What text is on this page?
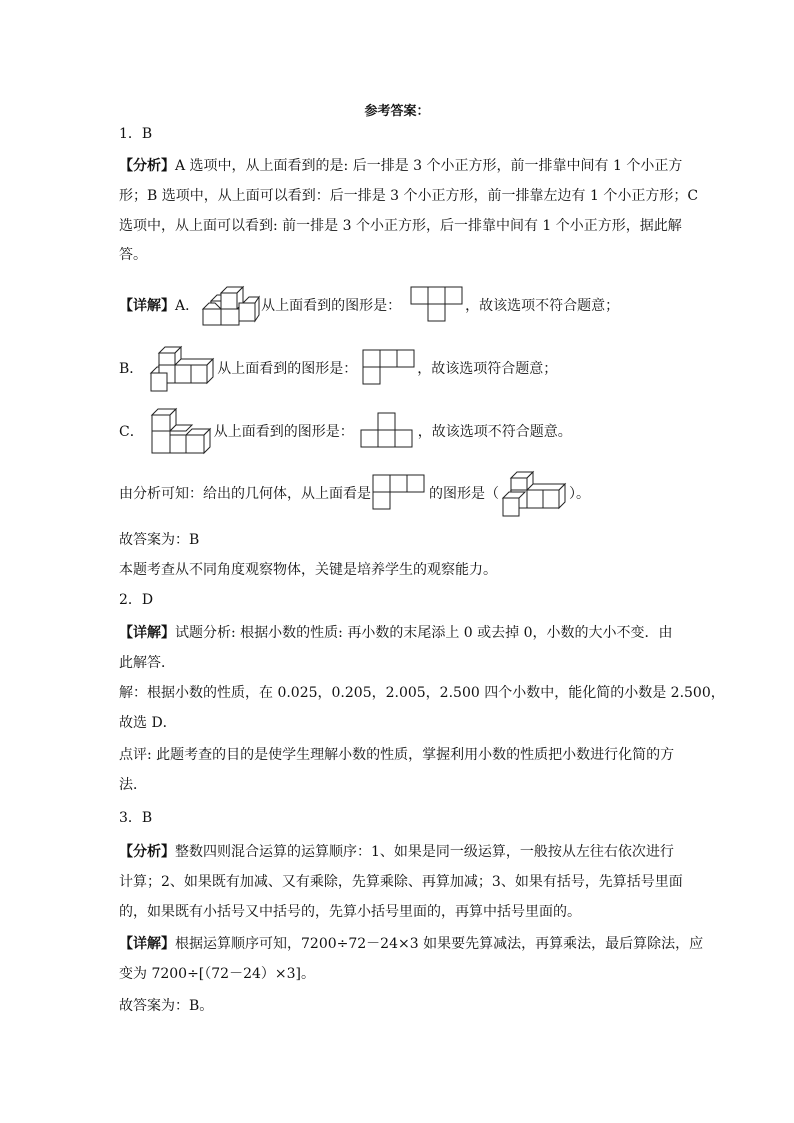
参考答案：
1．B
【分析】A 选项中，从上面看到的是: 后一排是 3 个小正方形，前一排靠中间有 1 个小正方
形；B 选项中，从上面可以看到：后一排是 3 个小正方形，前一排靠左边有 1 个小正方形；C
选项中，从上面可以看到: 前一排是 3 个小正方形，后一排靠中间有 1 个小正方形，据此解
答。
【详解】 A．	从上面看到的图形是：	，故该选项不符合题意；
B．	从上面看到的图形是：	，故该选项符合题意；
C．	从上面看到的图形是：	，故该选项不符合题意。
由分析可知：给出的几何体，从上面看是	的图形是（	）。
故答案为：B
本题考查从不同角度观察物体，关键是培养学生的观察能力。
2．D
【详解】试题分析: 根据小数的性质: 再小数的末尾添上 0 或去掉 0，小数的大小不变．由
此解答．
解：根据小数的性质，在 0.025，0.205，2.005，2.500 四个小数中，能化简的小数是 2.500，
故选 D．
点评: 此题考查的目的是使学生理解小数的性质，掌握利用小数的性质把小数进行化简的方
法．
3．B
【分析】整数四则混合运算的运算顺序：1、如果是同一级运算，一般按从左往右依次进行
计算；2、如果既有加减、又有乘除，先算乘除、再算加减；3、如果有括号，先算括号里面
的，如果既有小括号又中括号的，先算小括号里面的，再算中括号里面的。
【详解】根据运算顺序可知，7200÷72－24×3 如果要先算减法，再算乘法，最后算除法，应
变为 7200÷[（72－24）×3]。
故答案为：B。
